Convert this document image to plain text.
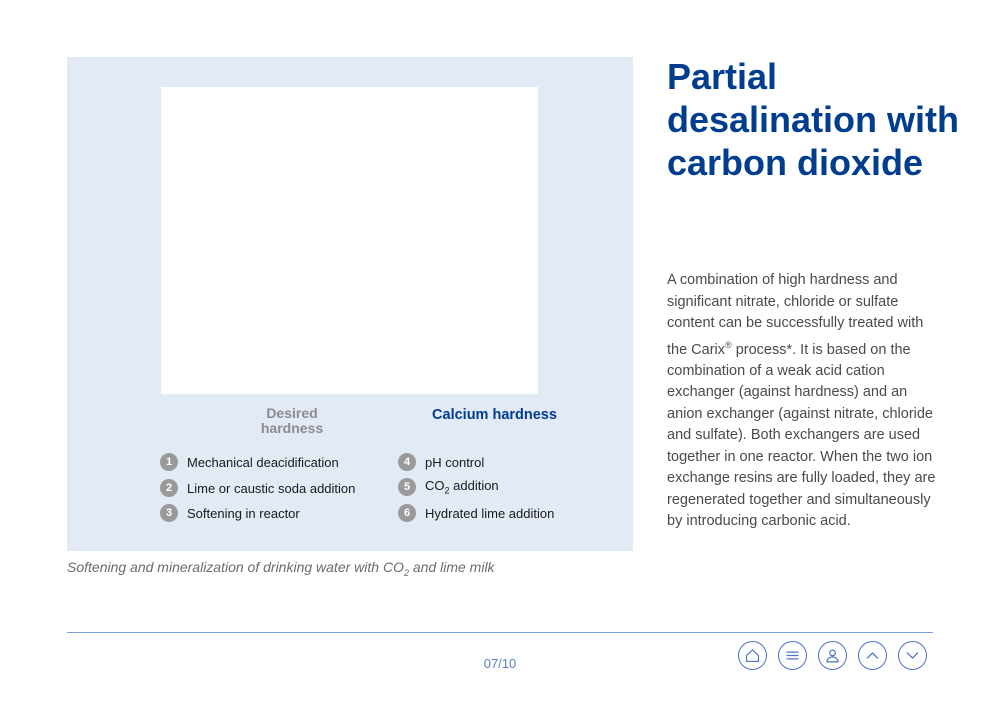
Desired hardness
Calcium hardness
1	Mechanical deacidification
2	Lime or caustic soda addition
3	Softening in reactor
4	pH control
5	$CO_2$ addition
6	Hydrated lime addition
Softening and mineralization of drinking water with $CO_2$ and lime milk
Partial desalination with carbon dioxide

A combination of high hardness and significant nitrate, chloride or sulfate content can be successfully treated with the Carix® process*. It is based on the combination of a weak acid cation exchanger (against hardness) and an anion exchanger (against nitrate, chloride and sulfate). Both exchangers are used together in one reactor. When the two ion exchange resins are fully loaded, they are regenerated together and simultaneously by introducing carbonic acid.

07/10
